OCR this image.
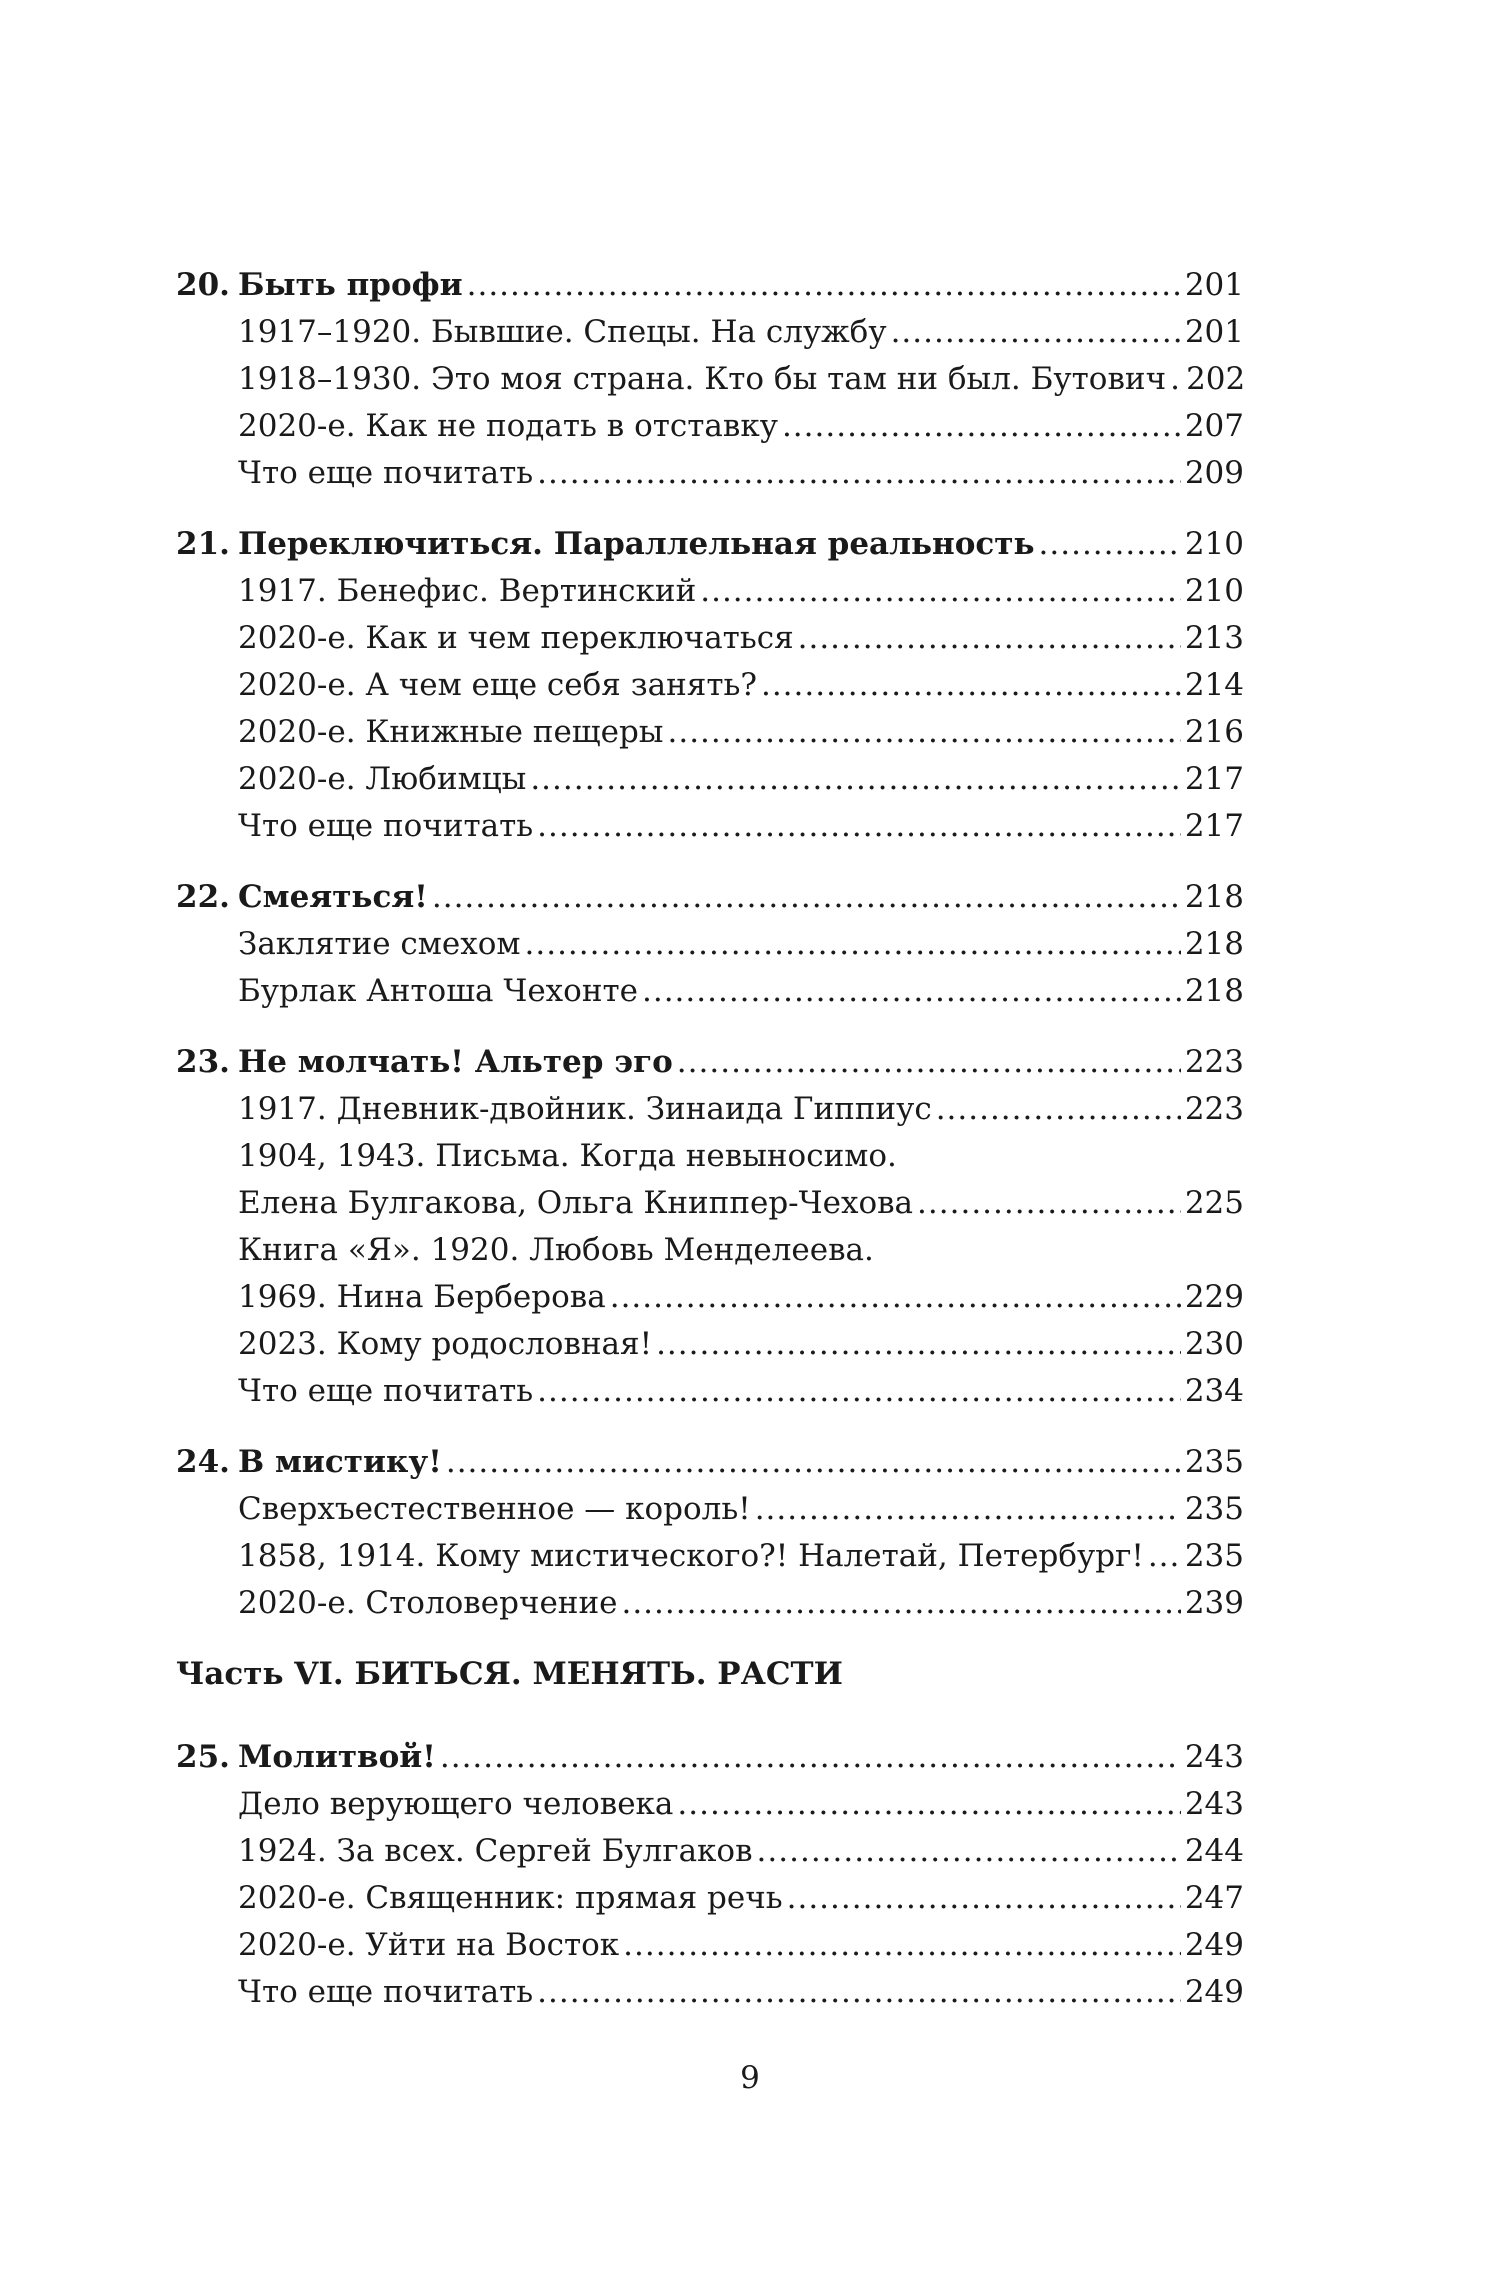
20. Быть профи .....	201
1917–1920. Бывшие. Спецы. На службу .....	201
1918–1930. Это моя страна. Кто бы там ни был. Бутович ..... 202
2020-е. Как не подать в отставку .....	207
Что еще почитать .....	209
21. Переключиться. Параллельная реальность .....	210
1917. Бенефис. Вертинский .....	210
2020-е. Как и чем переключаться .....	213
2020-е. А чем еще себя занять? .....	214
2020-е. Книжные пещеры .....	216
2020-е. Любимцы .....	217
Что еще почитать .....	217
22. Смеяться! .....	218
Заклятие смехом .....	218
Бурлак Антоша Чехонте .....	218
23. Не молчать! Альтер эго .....	223
1917. Дневник-двойник. Зинаида Гиппиус .....	223
1904, 1943. Письма. Когда невыносимо.
Елена Булгакова, Ольга Книппер-Чехова .....	225
Книга «Я». 1920. Любовь Менделеева.
1969. Нина Берберова .....	229
2023. Кому родословная! .....	230
Что еще почитать .....	234
24. В мистику! .....	235
Сверхъестественное — король! .....	235
1858, 1914. Кому мистического?! Налетай, Петербург! ..... 235
2020-е. Столоверчение .....	239
Часть VI. БИТЬСЯ. МЕНЯТЬ. РАСТИ
25. Молитвой! .....	243
Дело верующего человека .....	243
1924. За всех. Сергей Булгаков .....	244
2020-е. Священник: прямая речь .....	247
2020-е. Уйти на Восток .....	249
Что еще почитать .....	249
9
